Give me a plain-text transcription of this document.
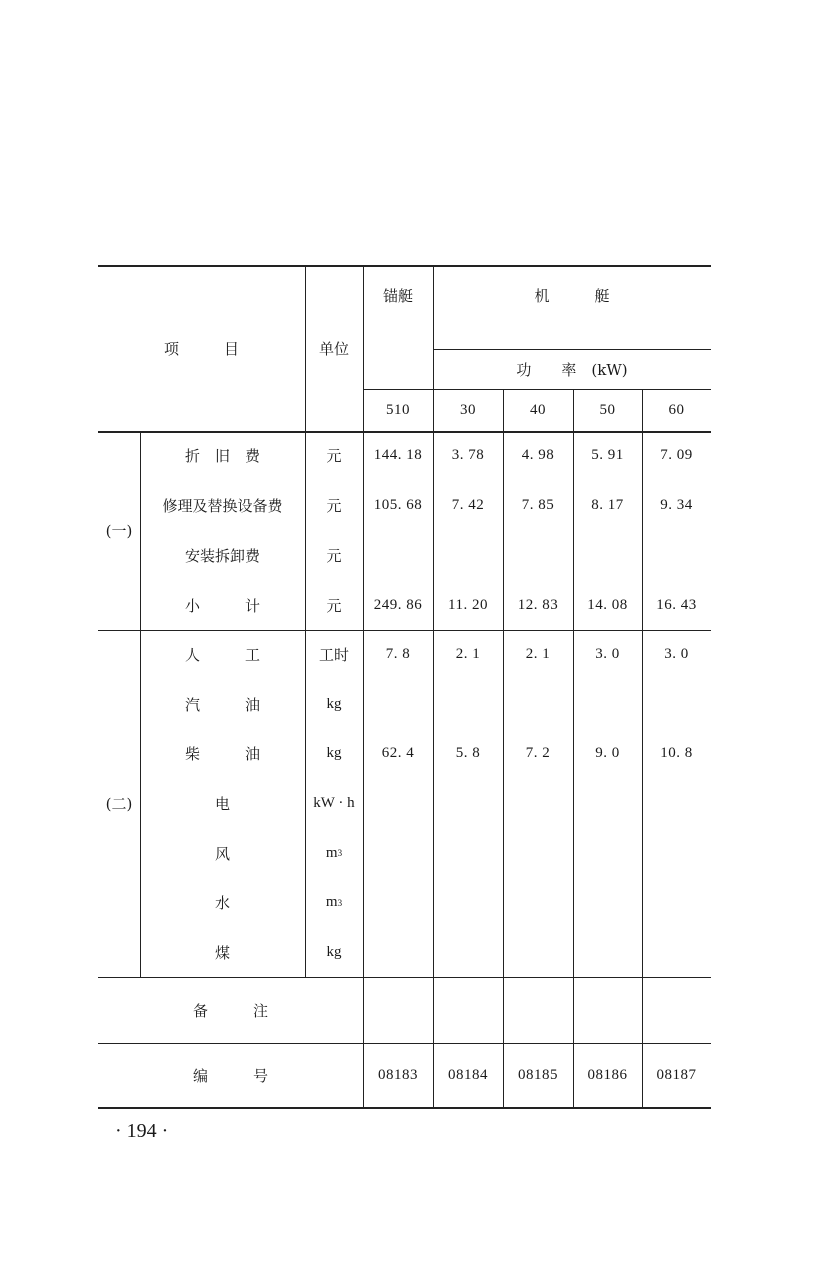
项　　　目	单位
锚艇	机　　　艇
功　　率　(kW)
510	30	40	50	60
(一)
折　旧　费	元	144. 18	3. 78	4. 98	5. 91	7. 09
修理及替换设备费	元	105. 68	7. 42	7. 85	8. 17	9. 34
安装拆卸费	元
小　　　计	元	249. 86	11. 20	12. 83	14. 08	16. 43
(二)
人　　　工	工时	7. 8	2. 1	2. 1	3. 0	3. 0
汽　　　油	kg
柴　　　油	kg	62. 4	5. 8	7. 2	9. 0	10. 8
电	kW · h
风	m 3
水	m 3
煤	kg
备　　　注
编　　　号	08183	08184	08185	08186	08187
· 194 ·
